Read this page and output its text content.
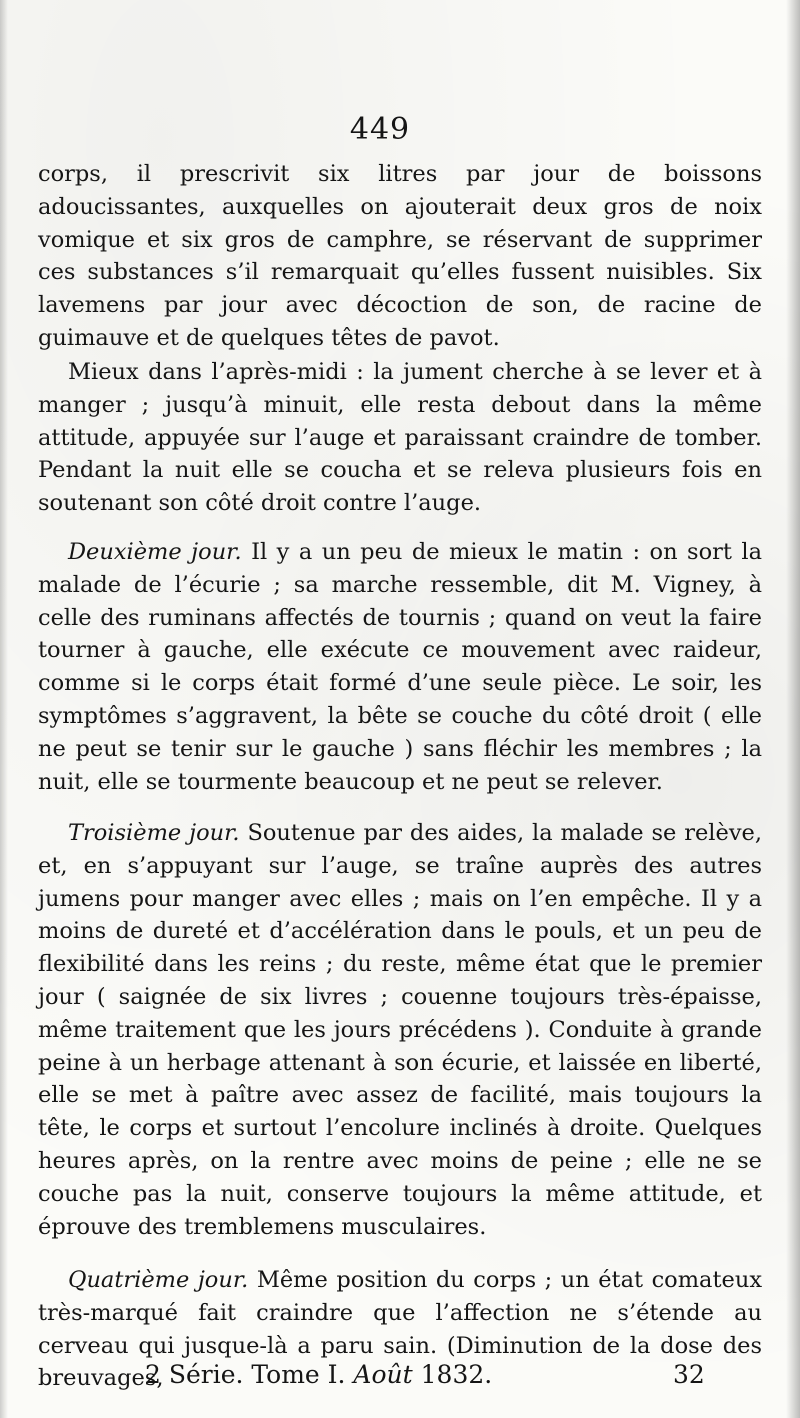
449

corps, il prescrivit six litres par jour de boissons adoucissantes, auxquelles on ajouterait deux gros de noix vomique et six gros de camphre, se réservant de supprimer ces substances s’il remarquait qu’elles fussent nuisibles. Six lavemens par jour avec décoction de son, de racine de guimauve et de quelques têtes de pavot.

Mieux dans l’après-midi : la jument cherche à se lever et à manger ; jusqu’à minuit, elle resta debout dans la même attitude, appuyée sur l’auge et paraissant craindre de tomber. Pendant la nuit elle se coucha et se releva plusieurs fois en soutenant son côté droit contre l’auge.

Deuxième jour. Il y a un peu de mieux le matin : on sort la malade de l’écurie ; sa marche ressemble, dit M. Vigney, à celle des ruminans affectés de tournis ; quand on veut la faire tourner à gauche, elle exécute ce mouvement avec raideur, comme si le corps était formé d’une seule pièce. Le soir, les symptômes s’aggravent, la bête se couche du côté droit ( elle ne peut se tenir sur le gauche ) sans fléchir les membres ; la nuit, elle se tourmente beaucoup et ne peut se relever.

Troisième jour. Soutenue par des aides, la malade se relève, et, en s’appuyant sur l’auge, se traîne auprès des autres jumens pour manger avec elles ; mais on l’en empêche. Il y a moins de dureté et d’accélération dans le pouls, et un peu de flexibilité dans les reins ; du reste, même état que le premier jour ( saignée de six livres ; couenne toujours très-épaisse, même traitement que les jours précédens ). Conduite à grande peine à un herbage attenant à son écurie, et laissée en liberté, elle se met à paître avec assez de facilité, mais toujours la tête, le corps et surtout l’encolure inclinés à droite. Quelques heures après, on la rentre avec moins de peine ; elle ne se couche pas la nuit, conserve toujours la même attitude, et éprouve des tremblemens musculaires.

Quatrième jour. Même position du corps ; un état comateux très-marqué fait craindre que l’affection ne s’étende au cerveau qui jusque-là a paru sain. (Diminution de la dose des breuvages,

2 Série. Tome I. Août 1832.	32
